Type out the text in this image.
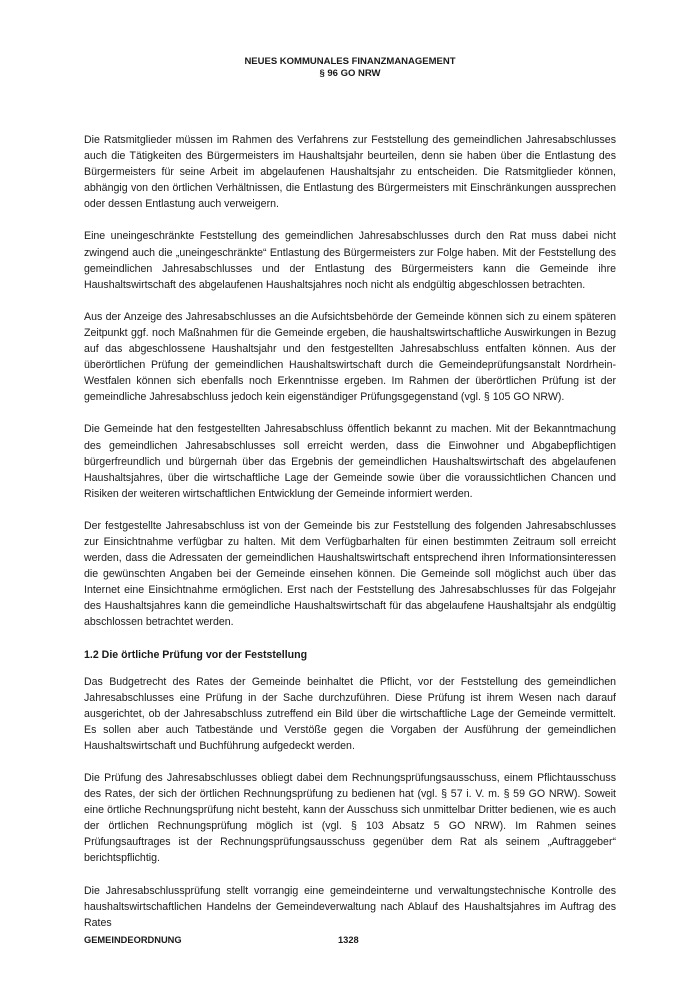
NEUES KOMMUNALES FINANZMANAGEMENT
§ 96 GO NRW

Die Ratsmitglieder müssen im Rahmen des Verfahrens zur Feststellung des gemeindlichen Jahresabschlusses auch die Tätigkeiten des Bürgermeisters im Haushaltsjahr beurteilen, denn sie haben über die Entlastung des Bürgermeisters für seine Arbeit im abgelaufenen Haushaltsjahr zu entscheiden. Die Ratsmitglieder können, abhängig von den örtlichen Verhältnissen, die Entlastung des Bürgermeisters mit Einschränkungen aussprechen oder dessen Entlastung auch verweigern.

Eine uneingeschränkte Feststellung des gemeindlichen Jahresabschlusses durch den Rat muss dabei nicht zwingend auch die „uneingeschränkte“ Entlastung des Bürgermeisters zur Folge haben. Mit der Feststellung des gemeindlichen Jahresabschlusses und der Entlastung des Bürgermeisters kann die Gemeinde ihre Haushaltswirtschaft des abgelaufenen Haushaltsjahres noch nicht als endgültig abgeschlossen betrachten.

Aus der Anzeige des Jahresabschlusses an die Aufsichtsbehörde der Gemeinde können sich zu einem späteren Zeitpunkt ggf. noch Maßnahmen für die Gemeinde ergeben, die haushaltswirtschaftliche Auswirkungen in Bezug auf das abgeschlossene Haushaltsjahr und den festgestellten Jahresabschluss entfalten können. Aus der überörtlichen Prüfung der gemeindlichen Haushaltswirtschaft durch die Gemeindeprüfungsanstalt Nordrhein-Westfalen können sich ebenfalls noch Erkenntnisse ergeben. Im Rahmen der überörtlichen Prüfung ist der gemeindliche Jahresabschluss jedoch kein eigenständiger Prüfungsgegenstand (vgl. § 105 GO NRW).

Die Gemeinde hat den festgestellten Jahresabschluss öffentlich bekannt zu machen. Mit der Bekanntmachung des gemeindlichen Jahresabschlusses soll erreicht werden, dass die Einwohner und Abgabepflichtigen bürgerfreundlich und bürgernah über das Ergebnis der gemeindlichen Haushaltswirtschaft des abgelaufenen Haushaltsjahres, über die wirtschaftliche Lage der Gemeinde sowie über die voraussichtlichen Chancen und Risiken der weiteren wirtschaftlichen Entwicklung der Gemeinde informiert werden.

Der festgestellte Jahresabschluss ist von der Gemeinde bis zur Feststellung des folgenden Jahresabschlusses zur Einsichtnahme verfügbar zu halten. Mit dem Verfügbarhalten für einen bestimmten Zeitraum soll erreicht werden, dass die Adressaten der gemeindlichen Haushaltswirtschaft entsprechend ihren Informationsinteressen die gewünschten Angaben bei der Gemeinde einsehen können. Die Gemeinde soll möglichst auch über das Internet eine Einsichtnahme ermöglichen. Erst nach der Feststellung des Jahresabschlusses für das Folgejahr des Haushaltsjahres kann die gemeindliche Haushaltswirtschaft für das abgelaufene Haushaltsjahr als endgültig abschlossen betrachtet werden.

1.2 Die örtliche Prüfung vor der Feststellung

Das Budgetrecht des Rates der Gemeinde beinhaltet die Pflicht, vor der Feststellung des gemeindlichen Jahresabschlusses eine Prüfung in der Sache durchzuführen. Diese Prüfung ist ihrem Wesen nach darauf ausgerichtet, ob der Jahresabschluss zutreffend ein Bild über die wirtschaftliche Lage der Gemeinde vermittelt. Es sollen aber auch Tatbestände und Verstöße gegen die Vorgaben der Ausführung der gemeindlichen Haushaltswirtschaft und Buchführung aufgedeckt werden.

Die Prüfung des Jahresabschlusses obliegt dabei dem Rechnungsprüfungsausschuss, einem Pflichtausschuss des Rates, der sich der örtlichen Rechnungsprüfung zu bedienen hat (vgl. § 57 i. V. m. § 59 GO NRW). Soweit eine örtliche Rechnungsprüfung nicht besteht, kann der Ausschuss sich unmittelbar Dritter bedienen, wie es auch der örtlichen Rechnungsprüfung möglich ist (vgl. § 103 Absatz 5 GO NRW). Im Rahmen seines Prüfungsauftrages ist der Rechnungsprüfungsausschuss gegenüber dem Rat als seinem „Auftraggeber“ berichtspflichtig.

Die Jahresabschlussprüfung stellt vorrangig eine gemeindeinterne und verwaltungstechnische Kontrolle des haushaltswirtschaftlichen Handelns der Gemeindeverwaltung nach Ablauf des Haushaltsjahres im Auftrag des Rates

GEMEINDEORDNUNG	1328
